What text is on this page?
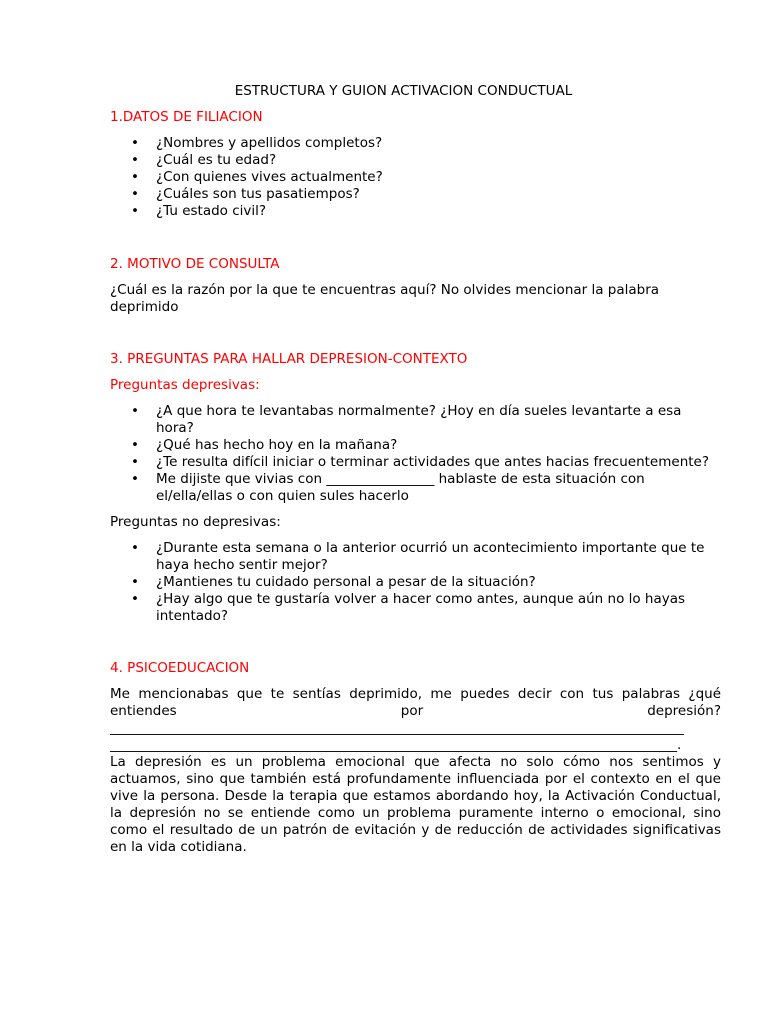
ESTRUCTURA Y GUION ACTIVACION CONDUCTUAL

1.DATOS DE FILIACION

• ¿Nombres y apellidos completos?
• ¿Cuál es tu edad?
• ¿Con quienes vives actualmente?
• ¿Cuáles son tus pasatiempos?
• ¿Tu estado civil?

2. MOTIVO DE CONSULTA

¿Cuál es la razón por la que te encuentras aquí? No olvides mencionar la palabra deprimido

3. PREGUNTAS PARA HALLAR DEPRESION-CONTEXTO

Preguntas depresivas:

• ¿A que hora te levantabas normalmente? ¿Hoy en día sueles levantarte a esa hora?
• ¿Qué has hecho hoy en la mañana?
• ¿Te resulta difícil iniciar o terminar actividades que antes hacias frecuentemente?
• Me dijiste que vivias con ________________ hablaste de esta situación con el/ella/ellas o con quien sules hacerlo

Preguntas no depresivas:

• ¿Durante esta semana o la anterior ocurrió un acontecimiento importante que te haya hecho sentir mejor?
• ¿Mantienes tu cuidado personal a pesar de la situación?
• ¿Hay algo que te gustaría volver a hacer como antes, aunque aún no lo hayas intentado?

4. PSICOEDUCACION

Me mencionabas que te sentías deprimido, me puedes decir con tus palabras ¿qué entiendes por depresión?

_____________________________________________________________________________________

____________________________________________________________________________________.

La depresión es un problema emocional que afecta no solo cómo nos sentimos y actuamos, sino que también está profundamente influenciada por el contexto en el que vive la persona. Desde la terapia que estamos abordando hoy, la Activación Conductual, la depresión no se entiende como un problema puramente interno o emocional, sino como el resultado de un patrón de evitación y de reducción de actividades significativas en la vida cotidiana.
